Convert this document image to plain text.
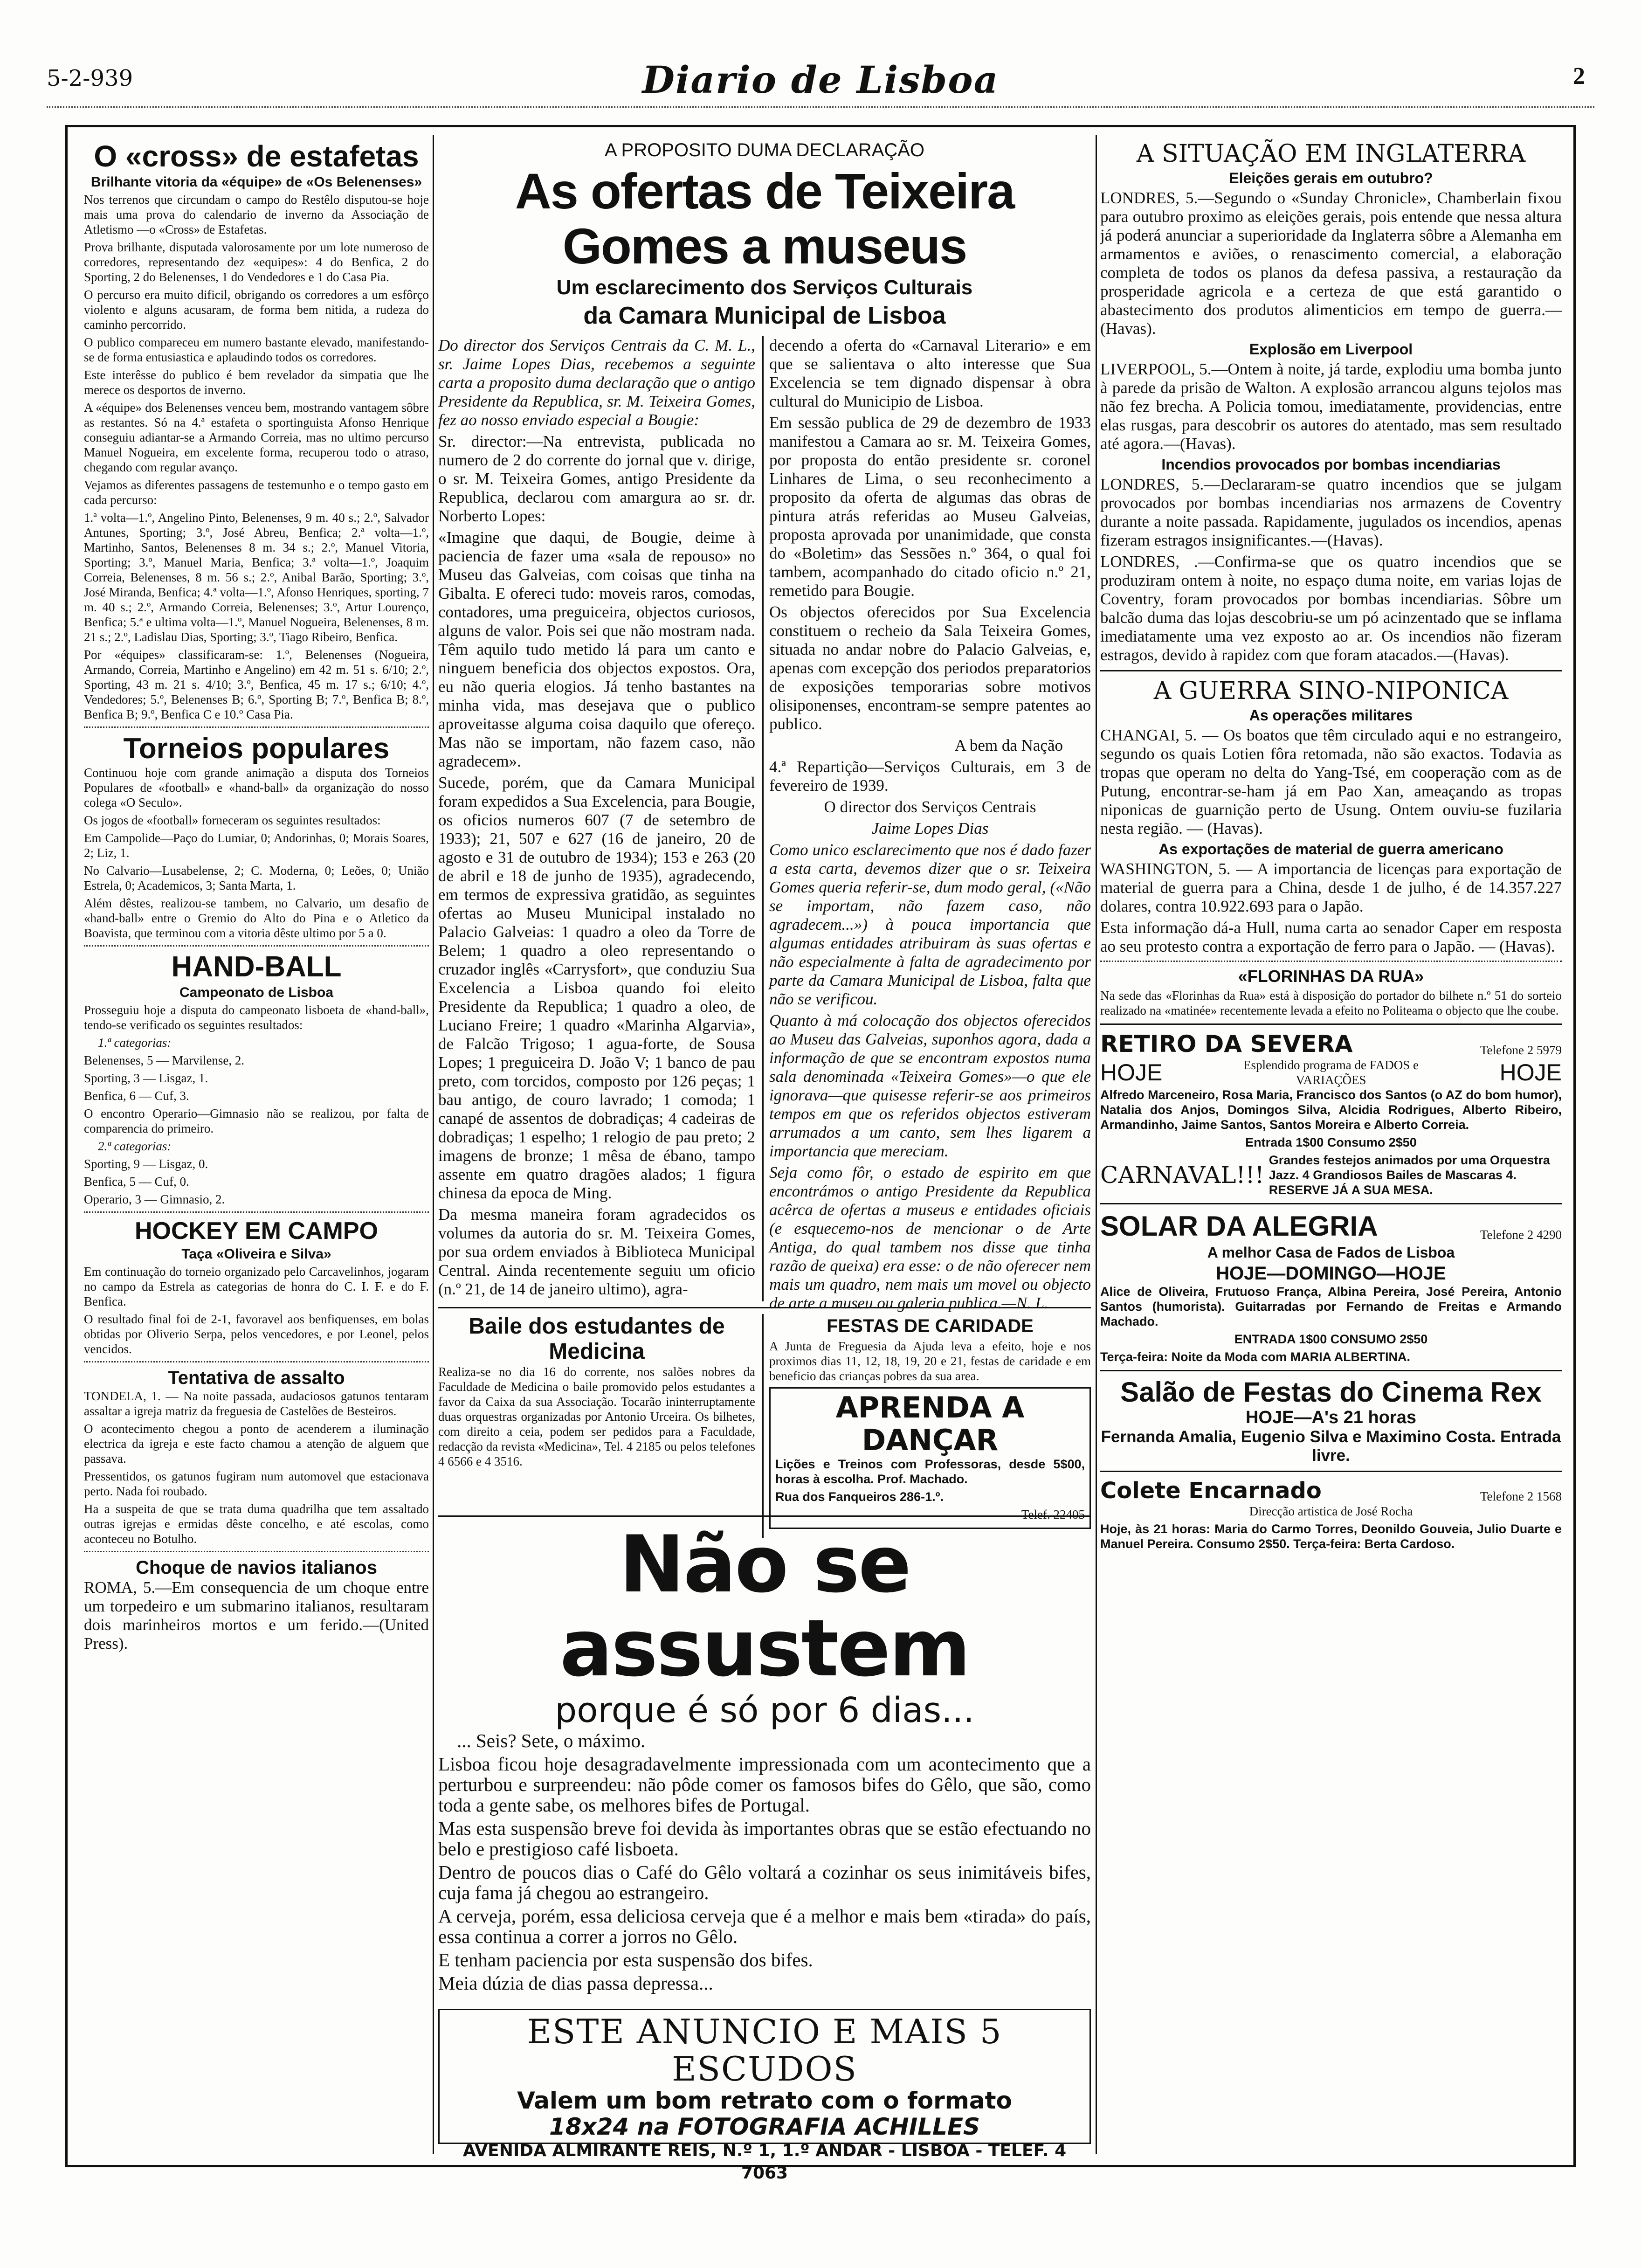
5-2-939	Diario de Lisboa	2
O «cross» de estafetas
Brilhante vitoria da «équipe» de «Os Belenenses»

Nos terrenos que circundam o campo do Restêlo disputou-se hoje mais uma prova do calendario de inverno da Associação de Atletismo —o «Cross» de Estafetas.

Prova brilhante, disputada valorosamente por um lote numeroso de corredores, representando dez «equipes»: 4 do Benfica, 2 do Sporting, 2 do Belenenses, 1 do Vendedores e 1 do Casa Pia.

O percurso era muito dificil, obrigando os corredores a um esfôrço violento e alguns acusaram, de forma bem nitida, a rudeza do caminho percorrido.

O publico compareceu em numero bastante elevado, manifestando-se de forma entusiastica e aplaudindo todos os corredores.

Este interêsse do publico é bem revelador da simpatia que lhe merece os desportos de inverno.

A «équipe» dos Belenenses venceu bem, mostrando vantagem sôbre as restantes. Só na 4.ª estafeta o sportinguista Afonso Henrique conseguiu adiantar-se a Armando Correia, mas no ultimo percurso Manuel Nogueira, em excelente forma, recuperou todo o atraso, chegando com regular avanço.

Vejamos as diferentes passagens de testemunho e o tempo gasto em cada percurso:

1.ª volta—1.º, Angelino Pinto, Belenenses, 9 m. 40 s.; 2.º, Salvador Antunes, Sporting; 3.º, José Abreu, Benfica; 2.ª volta—1.º, Martinho, Santos, Belenenses 8 m. 34 s.; 2.º, Manuel Vitoria, Sporting; 3.º, Manuel Maria, Benfica; 3.ª volta—1.º, Joaquim Correia, Belenenses, 8 m. 56 s.; 2.º, Anibal Barão, Sporting; 3.º, José Miranda, Benfica; 4.ª volta—1.º, Afonso Henriques, sporting, 7 m. 40 s.; 2.º, Armando Correia, Belenenses; 3.º, Artur Lourenço, Benfica; 5.ª e ultima volta—1.º, Manuel Nogueira, Belenenses, 8 m. 21 s.; 2.º, Ladislau Dias, Sporting; 3.º, Tiago Ribeiro, Benfica.

Por «équipes» classificaram-se: 1.º, Belenenses (Nogueira, Armando, Correia, Martinho e Angelino) em 42 m. 51 s. 6/10; 2.º, Sporting, 43 m. 21 s. 4/10; 3.º, Benfica, 45 m. 17 s.; 6/10; 4.º, Vendedores; 5.º, Belenenses B; 6.º, Sporting B; 7.º, Benfica B; 8.º, Benfica B; 9.º, Benfica C e 10.º Casa Pia.

Torneios populares

Continuou hoje com grande animação a disputa dos Torneios Populares de «football» e «hand-ball» da organização do nosso colega «O Seculo».

Os jogos de «football» forneceram os seguintes resultados:

Em Campolide—Paço do Lumiar, 0; Andorinhas, 0; Morais Soares, 2; Liz, 1.

No Calvario—Lusabelense, 2; C. Moderna, 0; Leões, 0; União Estrela, 0; Academicos, 3; Santa Marta, 1.

Além dêstes, realizou-se tambem, no Calvario, um desafio de «hand-ball» entre o Gremio do Alto do Pina e o Atletico da Boavista, que terminou com a vitoria dêste ultimo por 5 a 0.

HAND-BALL
Campeonato de Lisboa

Prosseguiu hoje a disputa do campeonato lisboeta de «hand-ball», tendo-se verificado os seguintes resultados:

1.ª categorias:

Belenenses, 5 — Marvilense, 2.

Sporting, 3 — Lisgaz, 1.

Benfica, 6 — Cuf, 3.

O encontro Operario—Gimnasio não se realizou, por falta de comparencia do primeiro.

2.ª categorias:

Sporting, 9 — Lisgaz, 0.

Benfica, 5 — Cuf, 0.

Operario, 3 — Gimnasio, 2.

HOCKEY EM CAMPO
Taça «Oliveira e Silva»

Em continuação do torneio organizado pelo Carcavelinhos, jogaram no campo da Estrela as categorias de honra do C. I. F. e do F. Benfica.

O resultado final foi de 2-1, favoravel aos benfiquenses, em bolas obtidas por Oliverio Serpa, pelos vencedores, e por Leonel, pelos vencidos.

Tentativa de assalto

TONDELA, 1. — Na noite passada, audaciosos gatunos tentaram assaltar a igreja matriz da freguesia de Castelões de Besteiros.

O acontecimento chegou a ponto de acenderem a iluminação electrica da igreja e este facto chamou a atenção de alguem que passava.

Pressentidos, os gatunos fugiram num automovel que estacionava perto. Nada foi roubado.

Ha a suspeita de que se trata duma quadrilha que tem assaltado outras igrejas e ermidas dêste concelho, e até escolas, como aconteceu no Botulho.

Choque de navios italianos

ROMA, 5.—Em consequencia de um choque entre um torpedeiro e um submarino italianos, resultaram dois marinheiros mortos e um ferido.—(United Press).

A PROPOSITO DUMA DECLARAÇÃO
As ofertas de Teixeira Gomes a museus
Um esclarecimento dos Serviços Culturais
da Camara Municipal de Lisboa

Do director dos Serviços Centrais da C. M. L., sr. Jaime Lopes Dias, recebemos a seguinte carta a proposito duma declaração que o antigo Presidente da Republica, sr. M. Teixeira Gomes, fez ao nosso enviado especial a Bougie:

Sr. director:—Na entrevista, publicada no numero de 2 do corrente do jornal que v. dirige, o sr. M. Teixeira Gomes, antigo Presidente da Republica, declarou com amargura ao sr. dr. Norberto Lopes:

«Imagine que daqui, de Bougie, deime à paciencia de fazer uma «sala de repouso» no Museu das Galveias, com coisas que tinha na Gibalta. E ofereci tudo: moveis raros, comodas, contadores, uma preguiceira, objectos curiosos, alguns de valor. Pois sei que não mostram nada. Têm aquilo tudo metido lá para um canto e ninguem beneficia dos objectos expostos. Ora, eu não queria elogios. Já tenho bastantes na minha vida, mas desejava que o publico aproveitasse alguma coisa daquilo que ofereço. Mas não se importam, não fazem caso, não agradecem».

Sucede, porém, que da Camara Municipal foram expedidos a Sua Excelencia, para Bougie, os oficios numeros 607 (7 de setembro de 1933); 21, 507 e 627 (16 de janeiro, 20 de agosto e 31 de outubro de 1934); 153 e 263 (20 de abril e 18 de junho de 1935), agradecendo, em termos de expressiva gratidão, as seguintes ofertas ao Museu Municipal instalado no Palacio Galveias: 1 quadro a oleo da Torre de Belem; 1 quadro a oleo representando o cruzador inglês «Carrysfort», que conduziu Sua Excelencia a Lisboa quando foi eleito Presidente da Republica; 1 quadro a oleo, de Luciano Freire; 1 quadro «Marinha Algarvia», de Falcão Trigoso; 1 agua-forte, de Sousa Lopes; 1 preguiceira D. João V; 1 banco de pau preto, com torcidos, composto por 126 peças; 1 bau antigo, de couro lavrado; 1 comoda; 1 canapé de assentos de dobradiças; 4 cadeiras de dobradiças; 1 espelho; 1 relogio de pau preto; 2 imagens de bronze; 1 mêsa de ébano, tampo assente em quatro dragões alados; 1 figura chinesa da epoca de Ming.

Da mesma maneira foram agradecidos os volumes da autoria do sr. M. Teixeira Gomes, por sua ordem enviados à Biblioteca Municipal Central. Ainda recentemente seguiu um oficio (n.º 21, de 14 de janeiro ultimo), agra-

decendo a oferta do «Carnaval Literario» e em que se salientava o alto interesse que Sua Excelencia se tem dignado dispensar à obra cultural do Municipio de Lisboa.

Em sessão publica de 29 de dezembro de 1933 manifestou a Camara ao sr. M. Teixeira Gomes, por proposta do então presidente sr. coronel Linhares de Lima, o seu reconhecimento a proposito da oferta de algumas das obras de pintura atrás referidas ao Museu Galveias, proposta aprovada por unanimidade, que consta do «Boletim» das Sessões n.º 364, o qual foi tambem, acompanhado do citado oficio n.º 21, remetido para Bougie.

Os objectos oferecidos por Sua Excelencia constituem o recheio da Sala Teixeira Gomes, situada no andar nobre do Palacio Galveias, e, apenas com excepção dos periodos preparatorios de exposições temporarias sobre motivos olisiponenses, encontram-se sempre patentes ao publico.

A bem da Nação

4.ª Repartição—Serviços Culturais, em 3 de fevereiro de 1939.

O director dos Serviços Centrais

Jaime Lopes Dias

Como unico esclarecimento que nos é dado fazer a esta carta, devemos dizer que o sr. Teixeira Gomes queria referir-se, dum modo geral, («Não se importam, não fazem caso, não agradecem...») à pouca importancia que algumas entidades atribuiram às suas ofertas e não especialmente à falta de agradecimento por parte da Camara Municipal de Lisboa, falta que não se verificou.

Quanto à má colocação dos objectos oferecidos ao Museu das Galveias, suponhos agora, dada a informação de que se encontram expostos numa sala denominada «Teixeira Gomes»—o que ele ignorava—que quisesse referir-se aos primeiros tempos em que os referidos objectos estiveram arrumados a um canto, sem lhes ligarem a importancia que mereciam.

Seja como fôr, o estado de espirito em que encontrámos o antigo Presidente da Republica acêrca de ofertas a museus e entidades oficiais (e esquecemo-nos de mencionar o de Arte Antiga, do qual tambem nos disse que tinha razão de queixa) era esse: o de não oferecer nem mais um quadro, nem mais um movel ou objecto de arte a museu ou galeria publica.—N. L.

Baile dos estudantes de Medicina

Realiza-se no dia 16 do corrente, nos salões nobres da Faculdade de Medicina o baile promovido pelos estudantes a favor da Caixa da sua Associação. Tocarão ininterruptamente duas orquestras organizadas por Antonio Urceira. Os bilhetes, com direito a ceia, podem ser pedidos para a Faculdade, redacção da revista «Medicina», Tel. 4 2185 ou pelos telefones 4 6566 e 4 3516.

FESTAS DE CARIDADE

A Junta de Freguesia da Ajuda leva a efeito, hoje e nos proximos dias 11, 12, 18, 19, 20 e 21, festas de caridade e em beneficio das crianças pobres da sua area.

APRENDA A DANÇAR

Lições e Treinos com Professoras, desde 5$00, horas à escolha. Prof. Machado.

Rua dos Fanqueiros 286-1.º.

Telef. 22405

Não se assustem
porque é só por 6 dias...

... Seis? Sete, o máximo.

Lisboa ficou hoje desagradavelmente impressionada com um acontecimento que a perturbou e surpreendeu: não pôde comer os famosos bifes do Gêlo, que são, como toda a gente sabe, os melhores bifes de Portugal.

Mas esta suspensão breve foi devida às importantes obras que se estão efectuando no belo e prestigioso café lisboeta.

Dentro de poucos dias o Café do Gêlo voltará a cozinhar os seus inimitáveis bifes, cuja fama já chegou ao estrangeiro.

A cerveja, porém, essa deliciosa cerveja que é a melhor e mais bem «tirada» do país, essa continua a correr a jorros no Gêlo.

E tenham paciencia por esta suspensão dos bifes.

Meia dúzia de dias passa depressa...

ESTE ANUNCIO E MAIS 5 ESCUDOS
Valem um bom retrato com o formato
18x24 na FOTOGRAFIA ACHILLES
AVENIDA ALMIRANTE REIS, N.º 1, 1.º ANDAR - LISBOA - TELEF. 4 7063
A SITUAÇÃO EM INGLATERRA
Eleições gerais em outubro?

LONDRES, 5.—Segundo o «Sunday Chronicle», Chamberlain fixou para outubro proximo as eleições gerais, pois entende que nessa altura já poderá anunciar a superioridade da Inglaterra sôbre a Alemanha em armamentos e aviões, o renascimento comercial, a elaboração completa de todos os planos da defesa passiva, a restauração da prosperidade agricola e a certeza de que está garantido o abastecimento dos produtos alimenticios em tempo de guerra.—(Havas).

Explosão em Liverpool

LIVERPOOL, 5.—Ontem à noite, já tarde, explodiu uma bomba junto à parede da prisão de Walton. A explosão arrancou alguns tejolos mas não fez brecha. A Policia tomou, imediatamente, providencias, entre elas rusgas, para descobrir os autores do atentado, mas sem resultado até agora.—(Havas).

Incendios provocados por bombas incendiarias

LONDRES, 5.—Declararam-se quatro incendios que se julgam provocados por bombas incendiarias nos armazens de Coventry durante a noite passada. Rapidamente, jugulados os incendios, apenas fizeram estragos insignificantes.—(Havas).

LONDRES, .—Confirma-se que os quatro incendios que se produziram ontem à noite, no espaço duma noite, em varias lojas de Coventry, foram provocados por bombas incendiarias. Sôbre um balcão duma das lojas descobriu-se um pó acinzentado que se inflama imediatamente uma vez exposto ao ar. Os incendios não fizeram estragos, devido à rapidez com que foram atacados.—(Havas).

A GUERRA SINO-NIPONICA
As operações militares

CHANGAI, 5. — Os boatos que têm circulado aqui e no estrangeiro, segundo os quais Lotien fôra retomada, não são exactos. Todavia as tropas que operam no delta do Yang-Tsé, em cooperação com as de Putung, encontrar-se-ham já em Pao Xan, ameaçando as tropas niponicas de guarnição perto de Usung. Ontem ouviu-se fuzilaria nesta região. — (Havas).

As exportações de material de guerra americano

WASHINGTON, 5. — A importancia de licenças para exportação de material de guerra para a China, desde 1 de julho, é de 14.357.227 dolares, contra 10.922.693 para o Japão.

Esta informação dá-a Hull, numa carta ao senador Caper em resposta ao seu protesto contra a exportação de ferro para o Japão. — (Havas).

«FLORINHAS DA RUA»

Na sede das «Florinhas da Rua» está à disposição do portador do bilhete n.º 51 do sorteio realizado na «matinée» recentemente levada a efeito no Politeama o objecto que lhe coube.

RETIRO DA SEVERA	Telefone 2 5979
HOJE	Esplendido programa de FADOS e VARIAÇÕES	HOJE

Alfredo Marceneiro, Rosa Maria, Francisco dos Santos (o AZ do bom humor), Natalia dos Anjos, Domingos Silva, Alcidia Rodrigues, Alberto Ribeiro, Armandinho, Jaime Santos, Santos Moreira e Alberto Correia.

Entrada 1$00 Consumo 2$50

CARNAVAL!!!
Grandes festejos animados por uma Orquestra Jazz. 4 Grandiosos Bailes de Mascaras 4. RESERVE JÁ A SUA MESA.
SOLAR DA ALEGRIA	Telefone 2 4290
A melhor Casa de Fados de Lisboa
HOJE—DOMINGO—HOJE

Alice de Oliveira, Frutuoso França, Albina Pereira, José Pereira, Antonio Santos (humorista). Guitarradas por Fernando de Freitas e Armando Machado.

ENTRADA 1$00 CONSUMO 2$50

Terça-feira: Noite da Moda com MARIA ALBERTINA.

Salão de Festas do Cinema Rex
HOJE—A's 21 horas

Fernanda Amalia, Eugenio Silva e Maximino Costa. Entrada livre.

Colete Encarnado	Telefone 2 1568

Direcção artistica de José Rocha

Hoje, às 21 horas: Maria do Carmo Torres, Deonildo Gouveia, Julio Duarte e Manuel Pereira. Consumo 2$50. Terça-feira: Berta Cardoso.
